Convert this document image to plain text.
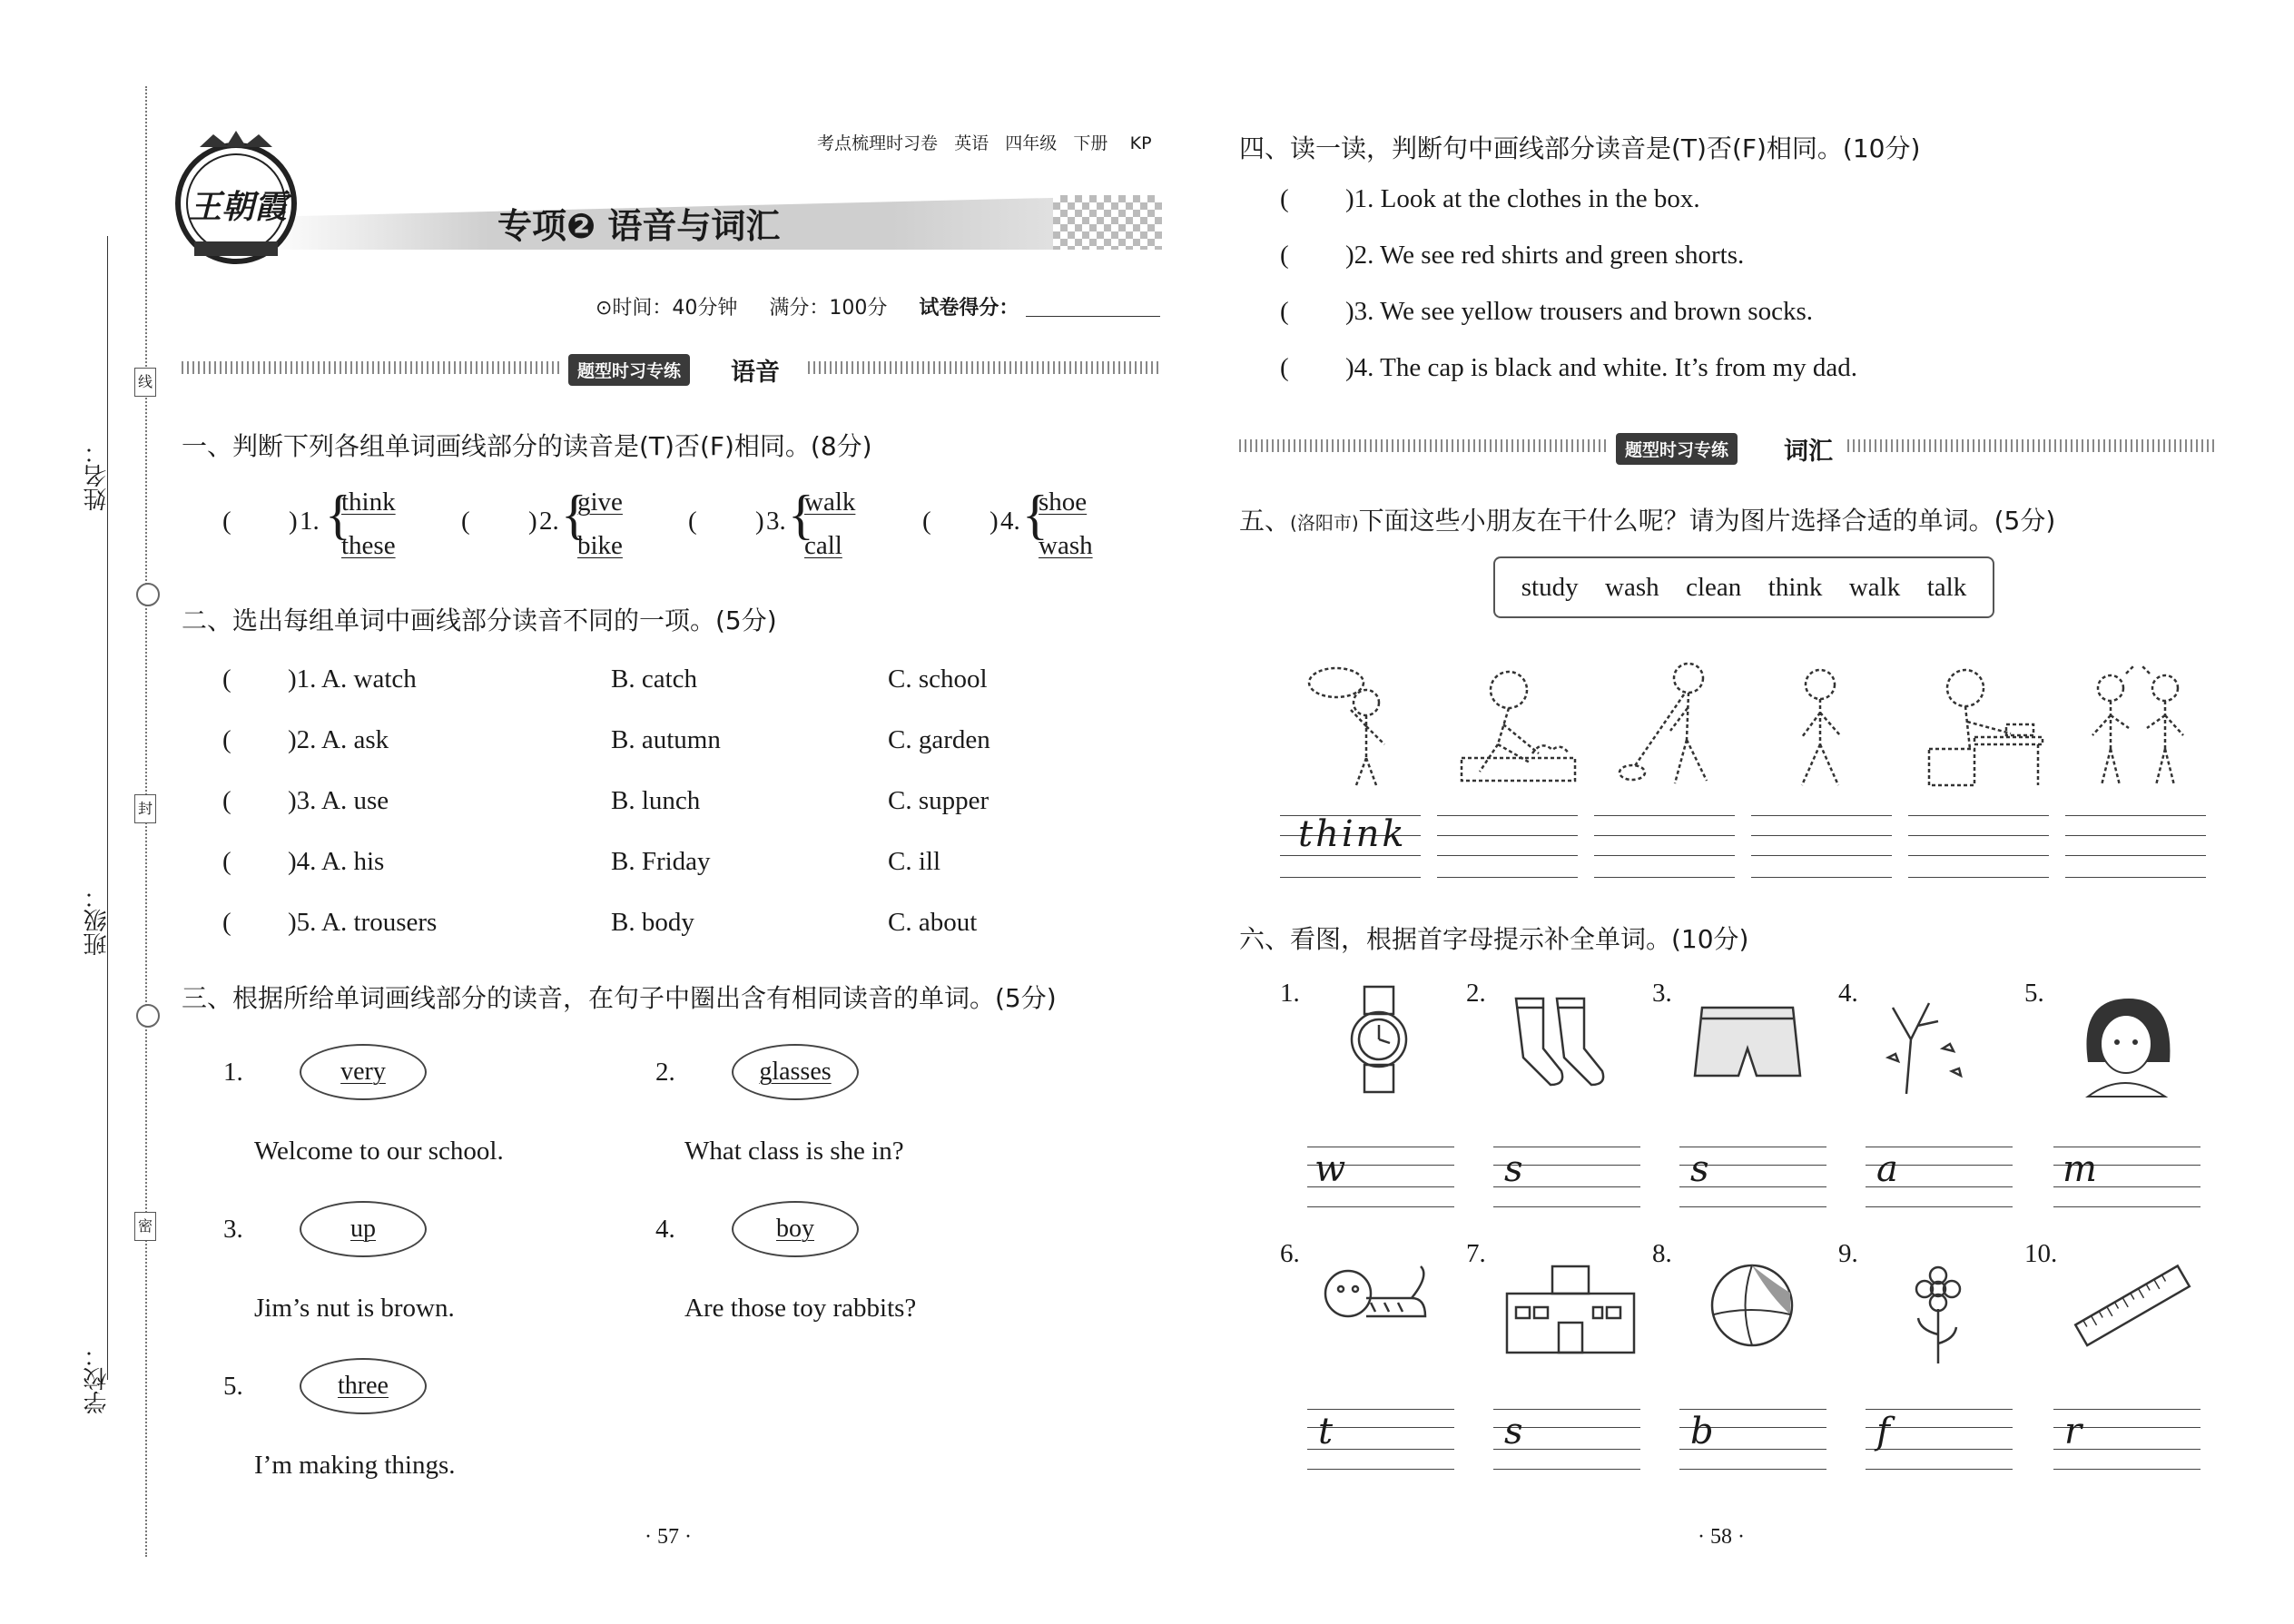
姓名：
班级：
学校：
线
封
密
考点梳理时习卷 英语 四年级 下册 KP
王朝霞	专项❷ 语音与词汇
⊙时间：40分钟 满分：100分 试卷得分：
题型时习专练	语音
一、判断下列各组单词画线部分的读音是(T)否(F)相同。(8分)
( ) 1. {
think
these
( ) 2. {
give
bike
( ) 3. {
walk
call
( ) 4. {
shoe
wash
二、选出每组单词中画线部分读音不同的一项。(5分)
( )1. A. watch	B. catch	C. school
( )2. A. ask	B. autumn	C. garden
( )3. A. use	B. lunch	C. supper
( )4. A. his	B. Friday	C. ill
( )5. A. trousers	B. body	C. about
三、根据所给单词画线部分的读音，在句子中圈出含有相同读音的单词。(5分)
1.	very
Welcome to our school.
2.	glasses
What class is she in?
3.	up
Jim’s nut is brown.
4.	boy
Are those toy rabbits?
5.	three
I’m making things.
· 57 ·
四、读一读，判断句中画线部分读音是(T)否(F)相同。(10分)
( )1. Look at the clothes in the box.
( )2. We see red shirts and green shorts.
( )3. We see yellow trousers and brown socks.
( )4. The cap is black and white. It’s from my dad.
题型时习专练	词汇
五、(洛阳市)下面这些小朋友在干什么呢？请为图片选择合适的单词。(5分)
study wash clean think walk talk
think
六、看图，根据首字母提示补全单词。(10分)
1.	2.	3.	4.	5.
w	s	s	a	m
6.	7.	8.	9.	10.
t	s	b	f	r
· 58 ·
